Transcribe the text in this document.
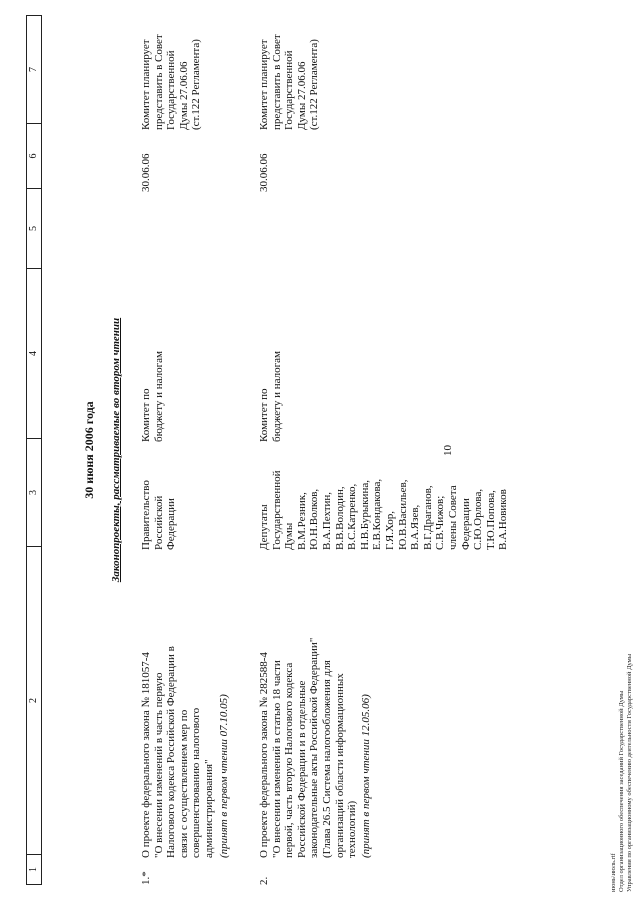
10
1
2
3
4
5
6
7
30 июня 2006 года Законопроекты, рассматриваемые во втором чтении
1.*
О проекте федерального закона № 181057-4
"О внесении изменений в часть первую
Налогового кодекса Российской Федерации в
связи с осуществлением мер по
совершенствованию налогового
администрирования" (принят в первом чтении 07.10.05)
Правительство
Российской
Федерации
Комитет по
бюджету и налогам
30.06.06
Комитет планирует
представить в Совет
Государственной
Думы 27.06.06
(ст.122 Регламента)
2.
О проекте федерального закона № 282588-4
"О внесении изменений в статью 18 части
первой, часть вторую Налогового кодекса
Российской Федерации и в отдельные
законодательные акты Российской Федерации"
(Глава 26.5 Система налогообложения для
организаций области информационных
технологий) (принят в первом чтении 12.05.06)
Депутаты
Государственной
Думы
В.М.Резник,
Ю.Н.Волков,
В.А.Пехтин,
В.В.Володин,
В.С.Катренко,
Н.В.Бурыкина,
Е.В.Кондакова,
Г.Я.Хор,
Ю.В.Васильев,
В.А.Язев,
В.Г.Драганов,
С.В.Чижов;
члены Совета
Федерации
С.Ю.Орлова,
Т.Ю.Попова,
В.А.Новиков
Комитет по
бюджету и налогам
30.06.06
Комитет планирует
представить в Совет
Государственной
Думы 27.06.06
(ст.122 Регламента)
июнь\июль.rtf
Отдел организационного обеспечения заседаний Государственной Думы
Управления по организационному обеспечению деятельности Государственной Думы
